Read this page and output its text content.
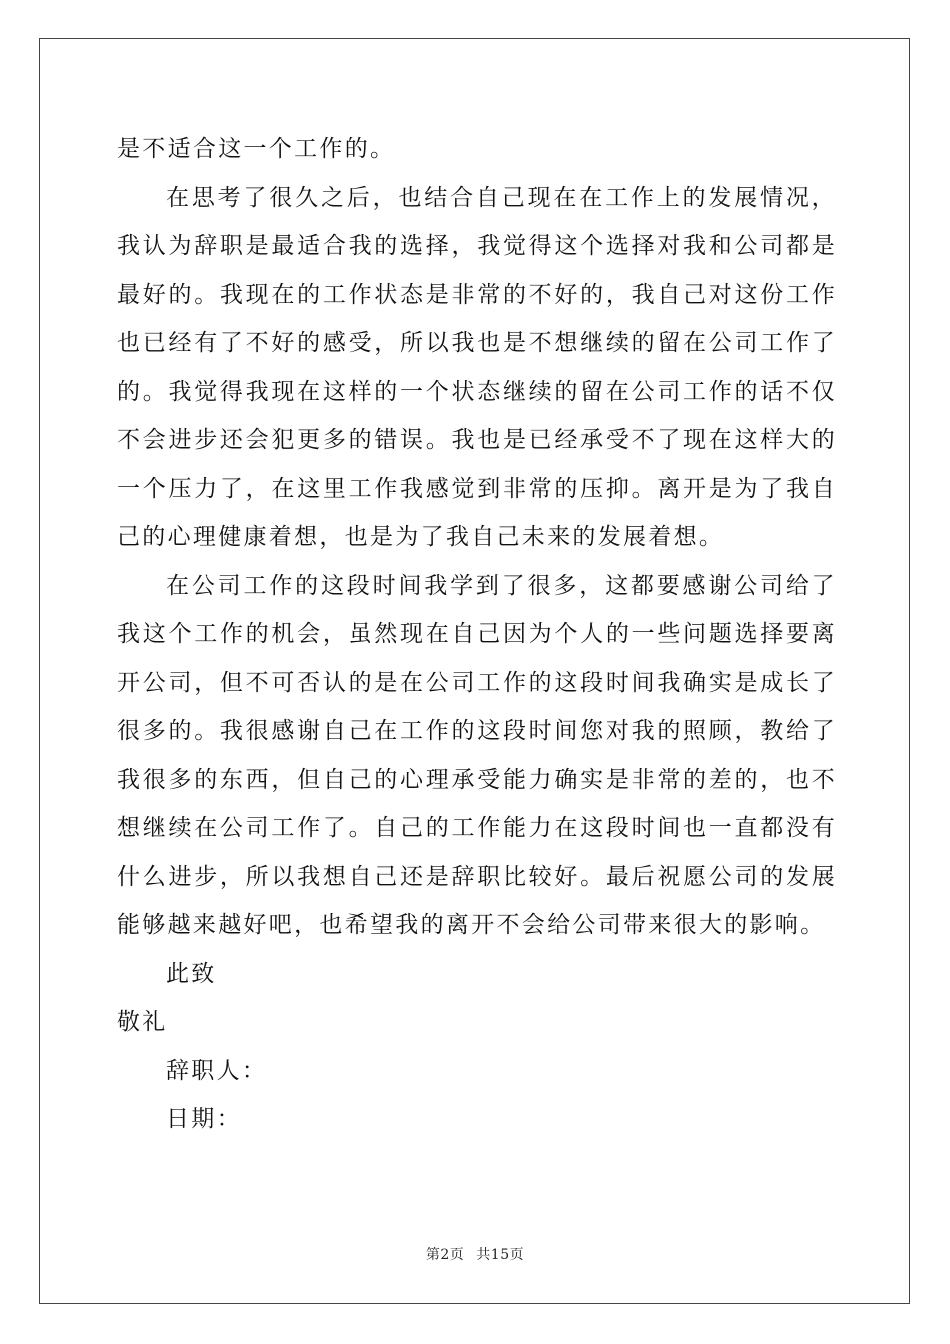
是不适合这一个工作的。

在思考了很久之后，也结合自己现在在工作上的发展情况，我认为辞职是最适合我的选择，我觉得这个选择对我和公司都是最好的。我现在的工作状态是非常的不好的，我自己对这份工作也已经有了不好的感受，所以我也是不想继续的留在公司工作了的。我觉得我现在这样的一个状态继续的留在公司工作的话不仅不会进步还会犯更多的错误。我也是已经承受不了现在这样大的一个压力了，在这里工作我感觉到非常的压抑。离开是为了我自己的心理健康着想，也是为了我自己未来的发展着想。

在公司工作的这段时间我学到了很多，这都要感谢公司给了我这个工作的机会，虽然现在自己因为个人的一些问题选择要离开公司，但不可否认的是在公司工作的这段时间我确实是成长了很多的。我很感谢自己在工作的这段时间您对我的照顾，教给了我很多的东西，但自己的心理承受能力确实是非常的差的，也不想继续在公司工作了。自己的工作能力在这段时间也一直都没有什么进步，所以我想自己还是辞职比较好。最后祝愿公司的发展能够越来越好吧，也希望我的离开不会给公司带来很大的影响。

此致

敬礼

辞职人：

日期：

第2页 共15页
